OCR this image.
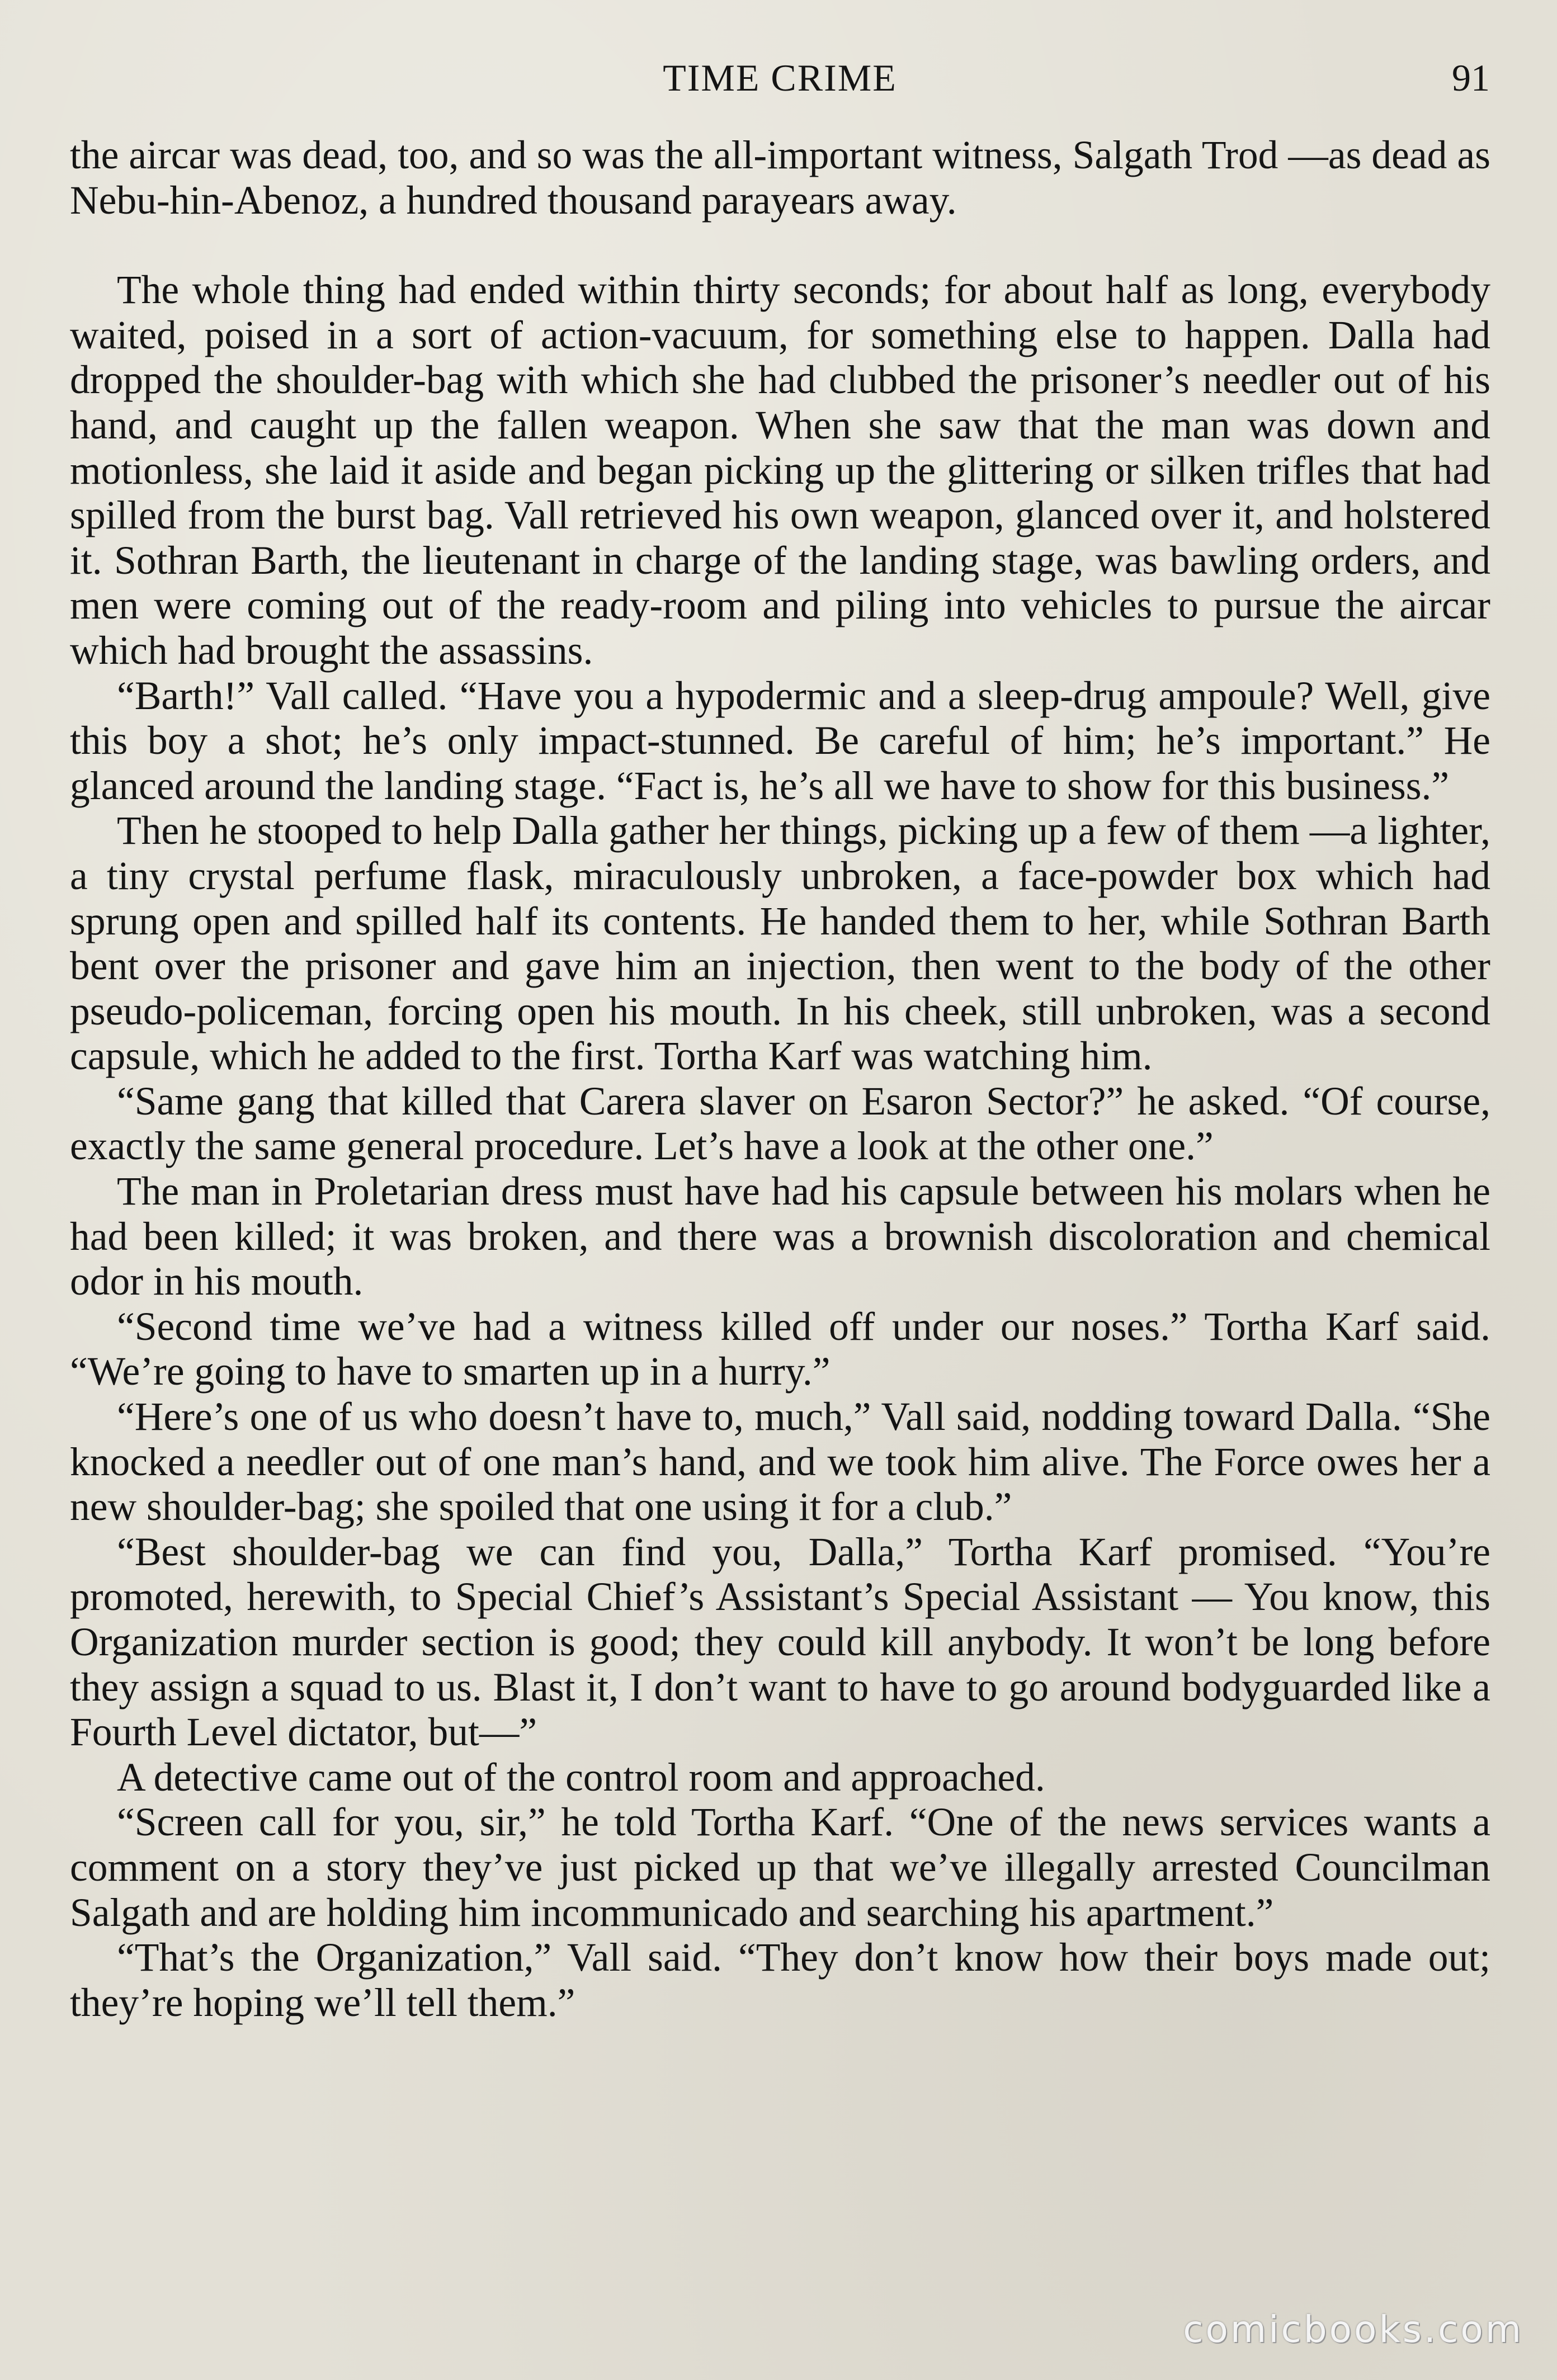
TIME CRIME	91

the aircar was dead, too, and so was the all-important witness, Salgath Trod —as dead as Nebu-hin-Abenoz, a hundred thousand parayears away.

The whole thing had ended within thirty seconds; for about half as long, everybody waited, poised in a sort of action-vacuum, for something else to happen. Dalla had dropped the shoulder-bag with which she had clubbed the prisoner’s needler out of his hand, and caught up the fallen weapon. When she saw that the man was down and motionless, she laid it aside and began picking up the glittering or silken trifles that had spilled from the burst bag. Vall retrieved his own weapon, glanced over it, and holstered it. Sothran Barth, the lieutenant in charge of the landing stage, was bawling orders, and men were coming out of the ready-room and piling into vehicles to pursue the aircar which had brought the assassins.

“Barth!” Vall called. “Have you a hypodermic and a sleep-drug ampoule? Well, give this boy a shot; he’s only impact-stunned. Be careful of him; he’s important.” He glanced around the landing stage. “Fact is, he’s all we have to show for this business.”

Then he stooped to help Dalla gather her things, picking up a few of them —a lighter, a tiny crystal perfume flask, miraculously unbroken, a face-powder box which had sprung open and spilled half its contents. He handed them to her, while Sothran Barth bent over the prisoner and gave him an injection, then went to the body of the other pseudo-policeman, forcing open his mouth. In his cheek, still unbroken, was a second capsule, which he added to the first. Tortha Karf was watching him.

“Same gang that killed that Carera slaver on Esaron Sector?” he asked. “Of course, exactly the same general procedure. Let’s have a look at the other one.”

The man in Proletarian dress must have had his capsule between his molars when he had been killed; it was broken, and there was a brownish discoloration and chemical odor in his mouth.

“Second time we’ve had a witness killed off under our noses.” Tortha Karf said. “We’re going to have to smarten up in a hurry.”

“Here’s one of us who doesn’t have to, much,” Vall said, nodding toward Dalla. “She knocked a needler out of one man’s hand, and we took him alive. The Force owes her a new shoulder-bag; she spoiled that one using it for a club.”

“Best shoulder-bag we can find you, Dalla,” Tortha Karf promised. “You’re promoted, herewith, to Special Chief’s Assistant’s Special Assistant — You know, this Organization murder section is good; they could kill anybody. It won’t be long before they assign a squad to us. Blast it, I don’t want to have to go around bodyguarded like a Fourth Level dictator, but—”

A detective came out of the control room and approached.

“Screen call for you, sir,” he told Tortha Karf. “One of the news services wants a comment on a story they’ve just picked up that we’ve illegally arrested Councilman Salgath and are holding him incommunicado and searching his apartment.”

“That’s the Organization,” Vall said. “They don’t know how their boys made out; they’re hoping we’ll tell them.”

comicbooks.com
